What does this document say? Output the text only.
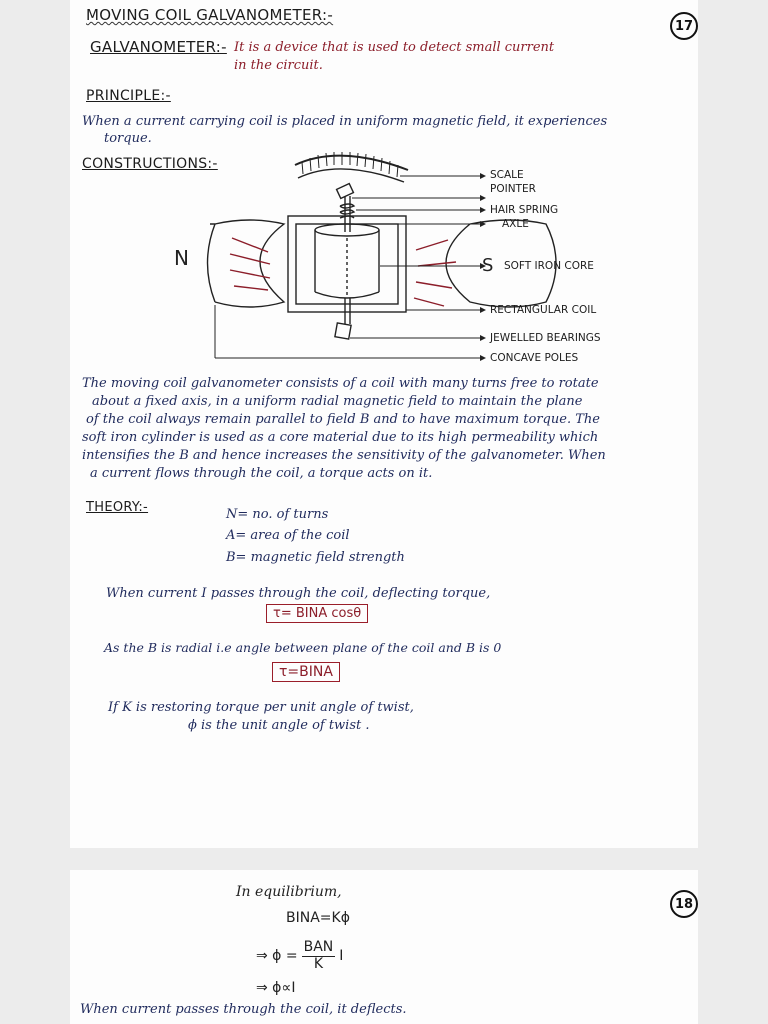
MOVING COIL GALVANOMETER:-
17
GALVANOMETER:- It is a device that is used to detect small current
in the circuit.
PRINCIPLE:-
When a current carrying coil is placed in uniform magnetic field, it experiences
torque.
CONSTRUCTIONS:-
N	S
SCALE
POINTER
HAIR SPRING
AXLE
SOFT IRON CORE
RECTANGULAR COIL
JEWELLED BEARINGS
CONCAVE POLES
The moving coil galvanometer consists of a coil with many turns free to rotate
about a fixed axis, in a uniform radial magnetic field to maintain the plane
of the coil always remain parallel to field B and to have maximum torque. The
soft iron cylinder is used as a core material due to its high permeability which
intensifies the B and hence increases the sensitivity of the galvanometer. When
a current flows through the coil, a torque acts on it.
THEORY:-	N= no. of turns
A= area of the coil
B= magnetic field strength
When current I passes through the coil, deflecting torque,
τ= BINA cosθ
As the B is radial i.e angle between plane of the coil and B is 0
τ=BINA
If K is restoring torque per unit angle of twist,
ϕ is the unit angle of twist .
In equilibrium,
18
BINA=Kϕ
⇒ ϕ =
BAN
K I
⇒ ϕ∝I
When current passes through the coil, it deflects.
